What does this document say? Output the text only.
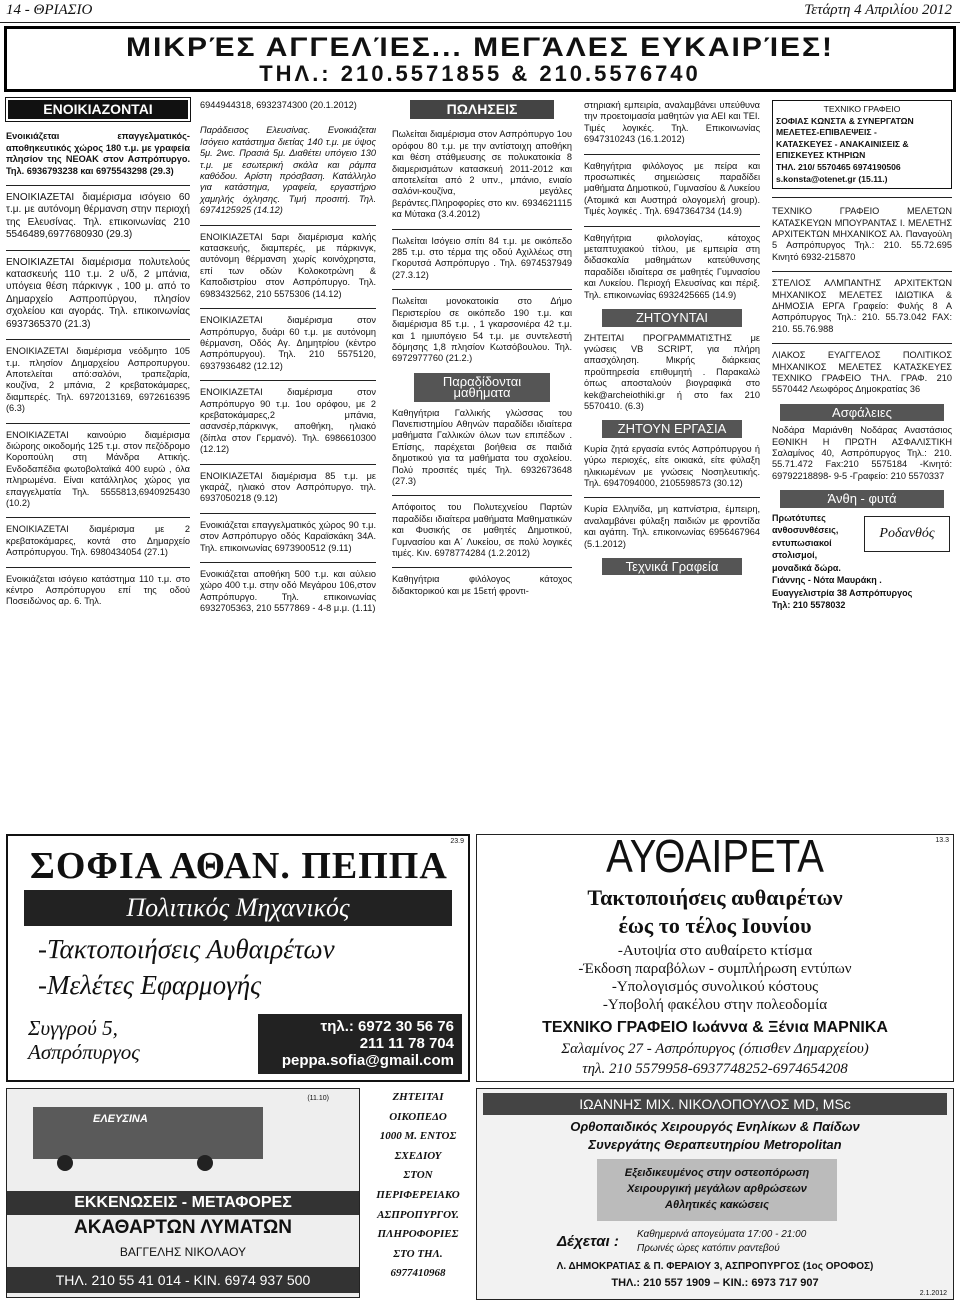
14 - ΘΡΙΑΣΙΟ	Τετάρτη 4 Απριλίου 2012
ΜΙΚΡΈΣ ΑΓΓΕΛΊΕΣ... ΜΕΓΆΛΕΣ ΕΥΚΑΙΡΊΕΣ!
ΤΗΛ.: 210.5571855 & 210.5576740
ΕΝΟΙΚΙΑΖΟΝΤΑΙ

Ενοικιάζεται επαγγελματικός-αποθηκευτικός χώρος 180 τ.μ. με γραφεία πλησίον της ΝΕΟΑΚ στον Ασπρόπυργο. Τηλ. 6936793238 και 6975543298 (29.3)

ΕΝΟΙΚΙΑΖΕΤΑΙ διαμέρισμα ισόγειο 60 τ.μ. με αυτόνομη θέρμανση στην περιοχή της Ελευσίνας. Τηλ. επικοινωνίας 210 5546489,6977680930 (29.3)

ΕΝΟΙΚΙΑΖΕΤΑΙ διαμέρισμα πολυτελούς κατασκευής 110 τ.μ. 2 υ/δ, 2 μπάνια, υπόγεια θέση πάρκινγκ , 100 μ. από το Δημαρχείο Ασπρoπύργου, πλησίον σχολείου και αγοράς. Τηλ. επικοινωνίας 6937365370 (21.3)

ΕΝΟΙΚΙΑΖΕΤΑΙ διαμέρισμα νεόδμητο 105 τ.μ. πλησίον Δημαρχείου Ασπροπυργου. Αποτελείται από:σαλόνι, τραπεζαρία, κουζίνα, 2 μπάνια, 2 κρεβατοκάμαρες, διαμπερές. Τηλ. 6972013169, 6972616395 (6.3)

ΕΝΟΙΚΙΑΖΕΤΑΙ καινούριο διαμέρισμα διώροης οικοδομής 125 τ.μ. στον πεζόδρομο Κοροπούλη στη Μάνδρα Αττικής. Ενδοδαπέδια φωτοβολταϊκά 400 ευρώ , όλα πληρωμένα. Είναι κατάλληλος χώρος για επαγγελματία Τηλ. 5555813,6940925430 (10.2)

ΕΝΟΙΚΙΑΖΕΤΑΙ διαμέρισμα με 2 κρεβατοκάμαρες, κοντά στο Δημαρχείο Ασπρόπυργου. Τηλ. 6980434054 (27.1)

Ενοικιάζεται ισόγειο κατάστημα 110 τ.μ. στο κέντρο Ασπρόπυργου επί της οδού Ποσειδώνος αρ. 6. Τηλ.

6944944318, 6932374300 (20.1.2012)

Παράδεισος Ελευσίνας. Ενοικιάζεται Ισόγειο κατάστημα διετίας 140 τ.μ. με ύψος 5μ. 2wc. Πρασιά 5μ. Διαθέτει υπόγειο 130 τ.μ. με εσωτερική σκάλα και ράμπα καθόδου. Αρίστη πρόσβαση. Κατάλληλο για κατάστημα, γραφεία, εργαστήριο χαμηλής όχλησης. Τιμή προσιτή. Τηλ. 6974125925 (14.12)

ΕΝΟΙΚΙΑΖΕΤΑΙ 5αρι διαμέρισμα καλής κατασκευής, διαμπερές, με πάρκινγκ, αυτόνομη θέρμανση χωρίς κοινόχρηστα, επί των οδών Κολοκοτρώνη & Καποδιστρίου στον Ασπρόπυργο. Τηλ. 6983432562, 210 5575306 (14.12)

ΕΝΟΙΚΙΑΖΕΤΑΙ διαμέρισμα στον Ασπρόπυργο, δυάρι 60 τ.μ. με αυτόνομη θέρμανση, Οδός Αγ. Δημητρίου (κέντρο Ασπρόπυργου). Τηλ. 210 5575120, 6937936482 (12.12)

ΕΝΟΙΚΙΑΖΕΤΑΙ διαμέρισμα στον Ασπρόπυργο 90 τ.μ. 1ου ορόφου, με 2 κρεβατοκάμαρες,2 μπάνια, ασανσέρ,πάρκινγκ, αποθήκη, ηλιακό (δίπλα στον Γερμανό). Τηλ. 6986610300 (12.12)

ΕΝΟΙΚΙΑΖΕΤΑΙ διαμέρισμα 85 τ.μ. με γκαράζ, ηλιακό στον Ασπρόπυργο. τηλ. 6937050218 (9.12)

Ενοικιάζεται επαγγελματικός χώρος 90 τ.μ. στον Ασπρόπυργο οδός Καραϊσκάκη 34Α. Τηλ. επικοινωνίας 6973900512 (9.11)

Ενοικιάζεται αποθήκη 500 τ.μ. και αύλειο χώρο 400 τ.μ. στην οδό Μεγάρου 106,στον Ασπρόπυργο. Τηλ. επικοινωνίας 6932705363, 210 5577869 - 4-8 μ.μ. (1.11)

ΠΩΛΗΣΕΙΣ

Πωλείται διαμέρισμα στον Ασπρόπυργο 1ου ορόφου 80 τ.μ. με την αντίστοιχη αποθήκη και θέση στάθμευσης σε πολυκατοικία 8 διαμερισμάτων κατασκευή 2011-2012 και αποτελείται από 2 υπν., μπάνιο, ενιαίο σαλόνι-κουζίνα, μεγάλες βεράντες.Πληροφορίες στο κιν. 6934621115 κα Μύτακα (3.4.2012)

Πωλείται Ισόγειο σπίτι 84 τ.μ. με οικόπεδο 285 τ.μ. στο τέρμα της οδού Αχιλλέως στη Γκορυτσά Ασπρόπυργο . Τηλ. 6974537949 (27.3.12)

Πωλείται μονοκατοικία στο Δήμο Περιστερίου σε οικόπεδο 190 τ.μ. και διαμέρισμα 85 τ.μ. , 1 γκαρσονιέρα 42 τ.μ. και 1 ημιυπόγειο 54 τ.μ. με συντελεστή δόμησης 1,8 πλησίον Κωτσόβουλου. Τηλ. 6972977760 (21.2.)

Παραδίδονται μαθήματα

Καθηγήτρια Γαλλικής γλώσσας του Πανεπιστημίου Αθηνών παραδίδει ιδιαίτερα μαθήματα Γαλλικών όλων των επιπέδων . Επίσης, παρέχεται βοήθεια σε παιδιά δημοτικού για τα μαθήματα του σχολείου. Πολύ προσιτές τιμές Τηλ. 6932673648 (27.3)

Απόφοιτος του Πολυτεχνείου Παρτών παραδίδει ιδιαίτερα μαθήματα Μαθηματικών και Φυσικής σε μαθητές Δημοτικού, Γυμνασίου και Α΄ Λυκείου, σε πολύ λογικές τιμές. Κιν. 6978774284 (1.2.2012)

Καθηγήτρια φιλόλογος κάτοχος διδακτορικού και με 15ετή φροντι-

στηριακή εμπειρία, αναλαμβάνει υπεύθυνα την προετοιμασία μαθητών για ΑΕΙ και ΤΕΙ. Τιμές λογικές. Τηλ. Επικοινωνίας 6947310243 (16.1.2012)

Καθηγήτρια φιλόλογος με πείρα και προσωπικές σημειώσεις παραδίδει μαθήματα Δημοτικού, Γυμνασίου & Λυκείου (Ατομικά και Αυστηρά ολογομελή group). Τιμές λογικές . Τηλ. 6947364734 (14.9)

Καθηγήτρια φιλολογίας, κάτοχος μεταπτυχιακού τίτλου, με εμπειρία στη διδασκαλία μαθημάτων κατεύθυνσης παραδίδει ιδιαίτερα σε μαθητές Γυμνασίου και Λυκείου. Περιοχή Ελευσίνας και πέριξ. Τηλ. επικοινωνίας 6932425665 (14.9)

ΖΗΤΟΥΝΤΑΙ

ΖΗΤΕΙΤΑΙ ΠΡΟΓΡΑΜΜΑΤΙΣΤΗΣ με γνώσεις VB SCRIPT, για πλήρη απασχόληση. Μικρής διάρκειας προϋπηρεσία επιθυμητή . Παρακαλώ όπως αποσταλούν βιογραφικά στο kek@archeiothiki.gr ή στο fax 210 5570410. (6.3)

ΖΗΤΟΥΝ ΕΡΓΑΣΙΑ

Κυρία ζητά εργασία εντός Ασπρόπυργου ή γύρω περιοχές, είτε οικιακά, είτε φύλαξη ηλικιωμένων με γνώσεις Νοσηλευτικής. Τηλ. 6947094000, 2105598573 (30.12)

Κυρία Ελληνίδα, μη καπνίστρια, έμπειρη, αναλαμβάνει φύλαξη παιδιών με φροντίδα και αγάπη. Τηλ. επικοινωνίας 6956467964 (5.1.2012)

Τεχνικά Γραφεία
ΤΕΧΝΙΚΟ ΓΡΑΦΕΙΟ
ΣΟΦΙΑΣ ΚΩΝΣΤΑ & ΣΥΝΕΡΓΑΤΩΝ
ΜΕΛΕΤΕΣ-ΕΠΙΒΛΕΨΕΙΣ -
ΚΑΤΑΣΚΕΥΕΣ - ΑΝΑΚΑΙΝΙΣΕΙΣ &
ΕΠΙΣΚΕΥΕΣ ΚΤΗΡΙΩΝ
ΤΗΛ. 210/ 5570465 6974190506
s.konsta@otenet.gr (15.11.)

ΤΕΧΝΙΚΟ ΓΡΑΦΕΙΟ ΜΕΛΕΤΩΝ ΚΑΤΑΣΚΕΥΩΝ ΜΠΟΥΡΑΝΤΑΣ Ι. ΜΕΛΕΤΗΣ ΑΡΧΙΤΕΚΤΩΝ ΜΗΧΑΝΙΚΟΣ Αλ. Παναγούλη 5 Ασπρόπυργος Τηλ.: 210. 55.72.695 Κινητό 6932-215870

ΣΤΕΛΙΟΣ ΑΛΜΠΑΝΤΗΣ ΑΡΧΙΤΕΚΤΩΝ ΜΗΧΑΝΙΚΟΣ ΜΕΛΕΤΕΣ ΙΔΙΩΤΙΚΑ & ΔΗΜΟΣΙΑ ΕΡΓΑ Γραφείο: Φυλής 8 Α Ασπρόπυργος Τηλ.: 210. 55.73.042 FAX: 210. 55.76.988

ΛΙΑΚΟΣ ΕΥΑΓΓΕΛΟΣ ΠΟΛΙΤΙΚΟΣ ΜΗΧΑΝΙΚΟΣ ΜΕΛΕΤΕΣ ΚΑΤΑΣΚΕΥΕΣ ΤΕΧΝΙΚΟ ΓΡΑΦΕΙΟ ΤΗΛ. ΓΡΑΦ. 210 5570442 Λεωφόρος Δημοκρατίας 36

Ασφάλειες

Νοδάρα Μαριάνθη Νοδάρας Αναστάσιος ΕΘΝΙΚΗ Η ΠΡΩΤΗ ΑΣΦΑΛΙΣΤΙΚΗ Σαλαμίνος 40, Ασπρόπυργος Τηλ.: 210. 55.71.472 Fax:210 5575184 -Κινητό: 69792218898- 9-5 -Γραφείο: 210 5570337

Άνθη - φυτά
Πρωτότυπες
ανθοσυνθέσεις,
εντυπωσιακοί
στολισμοί,
μοναδικά δώρα.
Γιάννης - Νότα Μαυράκη .
Ευαγγελιστρία 38 Ασπρόπυργος
Τηλ: 210 5578032
Ροδανθός
23.9
ΣΟΦΙΑ ΑΘΑΝ. ΠΕΠΠΑ
Πολιτικός Μηχανικός
-Τακτοποιήσεις Αυθαιρέτων
-Μελέτες Εφαρμογής
Συγγρού 5, Ασπρόπυργος
τηλ.: 6972 30 56 76
211 11 78 704
peppa.sofia@gmail.com
13.3
ΑΥΘΑΙΡΕΤΑ
Τακτοποιήσεις αυθαιρέτων
έως το τέλος Ιουνίου
-Αυτοψία στο αυθαίρετο κτίσμα
-Έκδοση παραβόλων - συμπλήρωση εντύπων
-Υπολογισμός συνολικού κόστους
-Υποβολή φακέλου στην πολεοδομία
ΤΕΧΝΙΚΟ ΓΡΑΦΕΙΟ Ιωάννα & Ξένια ΜΑΡΝΙΚΑ
Σαλαμίνος 27 - Ασπρόπυργος (όπισθεν Δημαρχείου)
τηλ. 210 5579958-6937748252-6974654208
(11.10)
ΕΛΕΥΣΙΝΑ
ΕΚΚΕΝΩΣΕΙΣ - ΜΕΤΑΦΟΡΕΣ
ΑΚΑΘΑΡΤΩΝ ΛΥΜΑΤΩΝ
ΒΑΓΓΕΛΗΣ ΝΙΚΟΛΑΟΥ
ΤΗΛ. 210 55 41 014 - ΚΙΝ. 6974 937 500
ΖΗΤΕΙΤΑΙ
ΟΙΚΟΠΕΔΟ
1000 Μ. ΕΝΤΟΣ
ΣΧΕΔΙΟΥ
ΣΤΟΝ
ΠΕΡΙΦΕΡΕΙΑΚΟ
ΑΣΠΡΟΠΥΡΓΟΥ.
ΠΛΗΡΟΦΟΡΙΕΣ
ΣΤΟ ΤΗΛ.
6977410968
ΙΩΑΝΝΗΣ ΜΙΧ. ΝΙΚΟΛΟΠΟΥΛΟΣ MD, MSc
Ορθοπαιδικός Χειρουργός Ενηλίκων & Παίδων
Συνεργάτης Θεραπευτηρίου Metropolitan
Εξειδικευμένος στην οστεοπόρωση
Χειρουργική μεγάλων αρθρώσεων
Αθλητικές κακώσεις
Δέχεται : Καθημερινά απογεύματα 17:00 - 21:00
Πρωινές ώρες κατόπιν ραντεβού
Λ. ΔΗΜΟΚΡΑΤΙΑΣ & Π. ΦΕΡΑΙΟΥ 3, ΑΣΠΡΟΠΥΡΓΟΣ (1ος ΟΡΟΦΟΣ)
ΤΗΛ.: 210 557 1909 – ΚΙΝ.: 6973 717 907
2.1.2012
